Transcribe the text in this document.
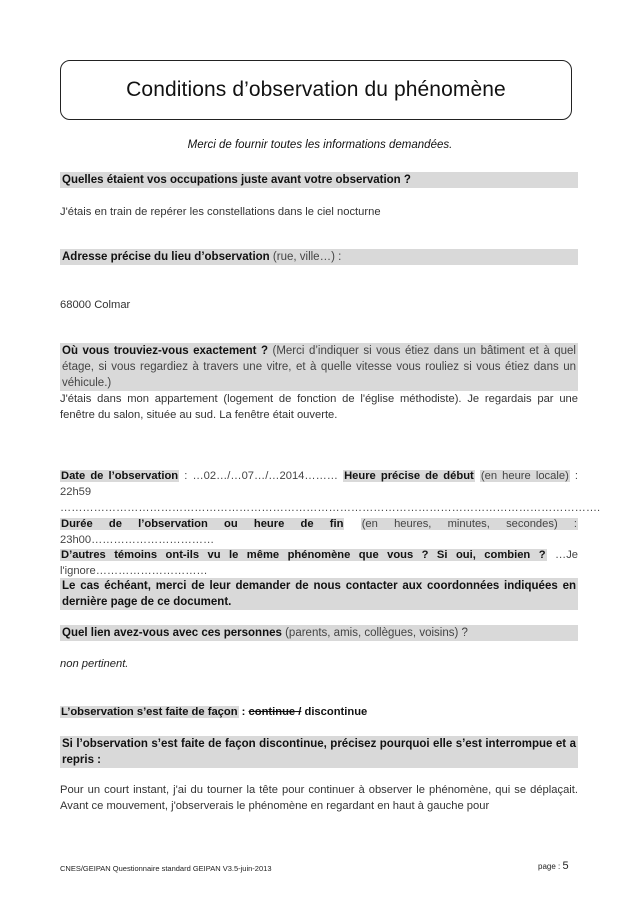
Conditions d’observation du phénomène
Merci de fournir toutes les informations demandées.
Quelles étaient vos occupations juste avant votre observation ?
J'étais en train de repérer les constellations dans le ciel nocturne
Adresse précise du lieu d’observation (rue, ville…) :
68000 Colmar
Où vous trouviez-vous exactement ? (Merci d’indiquer si vous étiez dans un bâtiment et à quel étage, si vous regardiez à travers une vitre, et à quelle vitesse vous rouliez si vous étiez dans un véhicule.)
J'étais dans mon appartement (logement de fonction de l'église méthodiste). Je regardais par une fenêtre du salon, située au sud. La fenêtre était ouverte.
Date de l’observation : …02…/…07…/…2014……… Heure précise de début (en heure locale) : 22h59 ……………………………………………………………………………………………………………………………….
Durée de l’observation ou heure de fin (en heures, minutes, secondes) : 23h00……………………………
D’autres témoins ont-ils vu le même phénomène que vous ? Si oui, combien ? …Je l'ignore…………………………
Le cas échéant, merci de leur demander de nous contacter aux coordonnées indiquées en dernière page de ce document.
Quel lien avez-vous avec ces personnes (parents, amis, collègues, voisins) ?
non pertinent.
L’observation s’est faite de façon : continue / discontinue
Si l’observation s’est faite de façon discontinue, précisez pourquoi elle s’est interrompue et a repris :
Pour un court instant, j'ai du tourner la tête pour continuer à observer le phénomène, qui se déplaçait. Avant ce mouvement, j'observerais le phénomène en regardant en haut à gauche pour
CNES/GEIPAN Questionnaire standard GEIPAN V3.5-juin-2013	page : 5
